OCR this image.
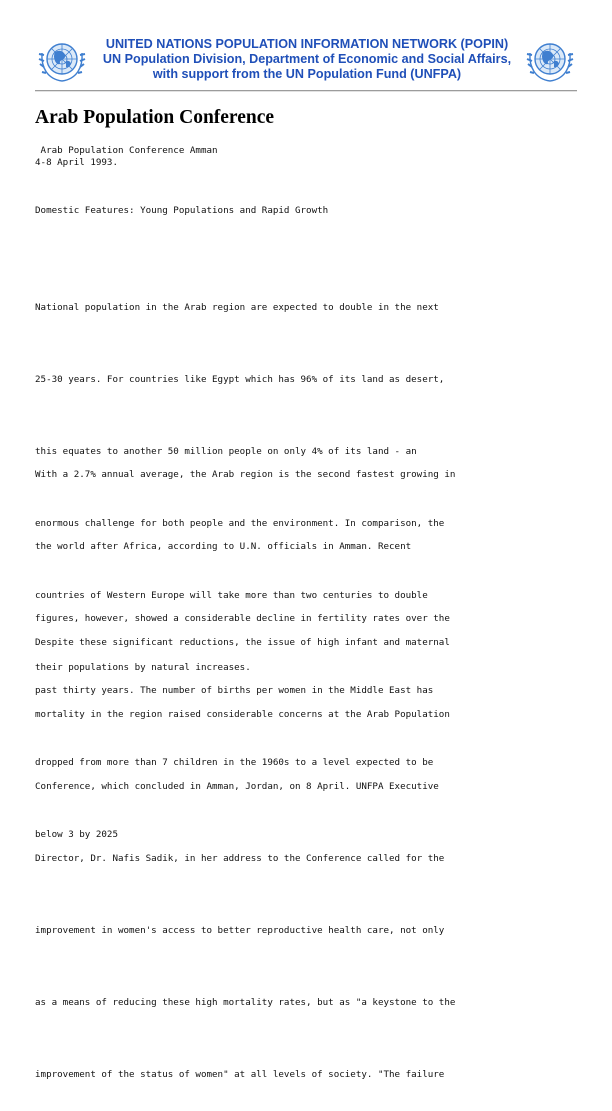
UNITED NATIONS POPULATION INFORMATION NETWORK (POPIN)
UN Population Division, Department of Economic and Social Affairs,
with support from the UN Population Fund (UNFPA)
Arab Population Conference
Arab Population Conference Amman
4-8 April 1993.
Domestic Features: Young Populations and Rapid Growth

National population in the Arab region are expected to double in the next

25-30 years. For countries like Egypt which has 96% of its land as desert,

this equates to another 50 million people on only 4% of its land - an

enormous challenge for both people and the environment. In comparison, the

countries of Western Europe will take more than two centuries to double

their populations by natural increases.

With a 2.7% annual average, the Arab region is the second fastest growing in

the world after Africa, according to U.N. officials in Amman. Recent

figures, however, showed a considerable decline in fertility rates over the

past thirty years. The number of births per women in the Middle East has

dropped from more than 7 children in the 1960s to a level expected to be

below 3 by 2025

Despite these significant reductions, the issue of high infant and maternal

mortality in the region raised considerable concerns at the Arab Population

Conference, which concluded in Amman, Jordan, on 8 April. UNFPA Executive

Director, Dr. Nafis Sadik, in her address to the Conference called for the

improvement in women's access to better reproductive health care, not only

as a means of reducing these high mortality rates, but as "a keystone to the

improvement of the status of women" at all levels of society. "The failure
